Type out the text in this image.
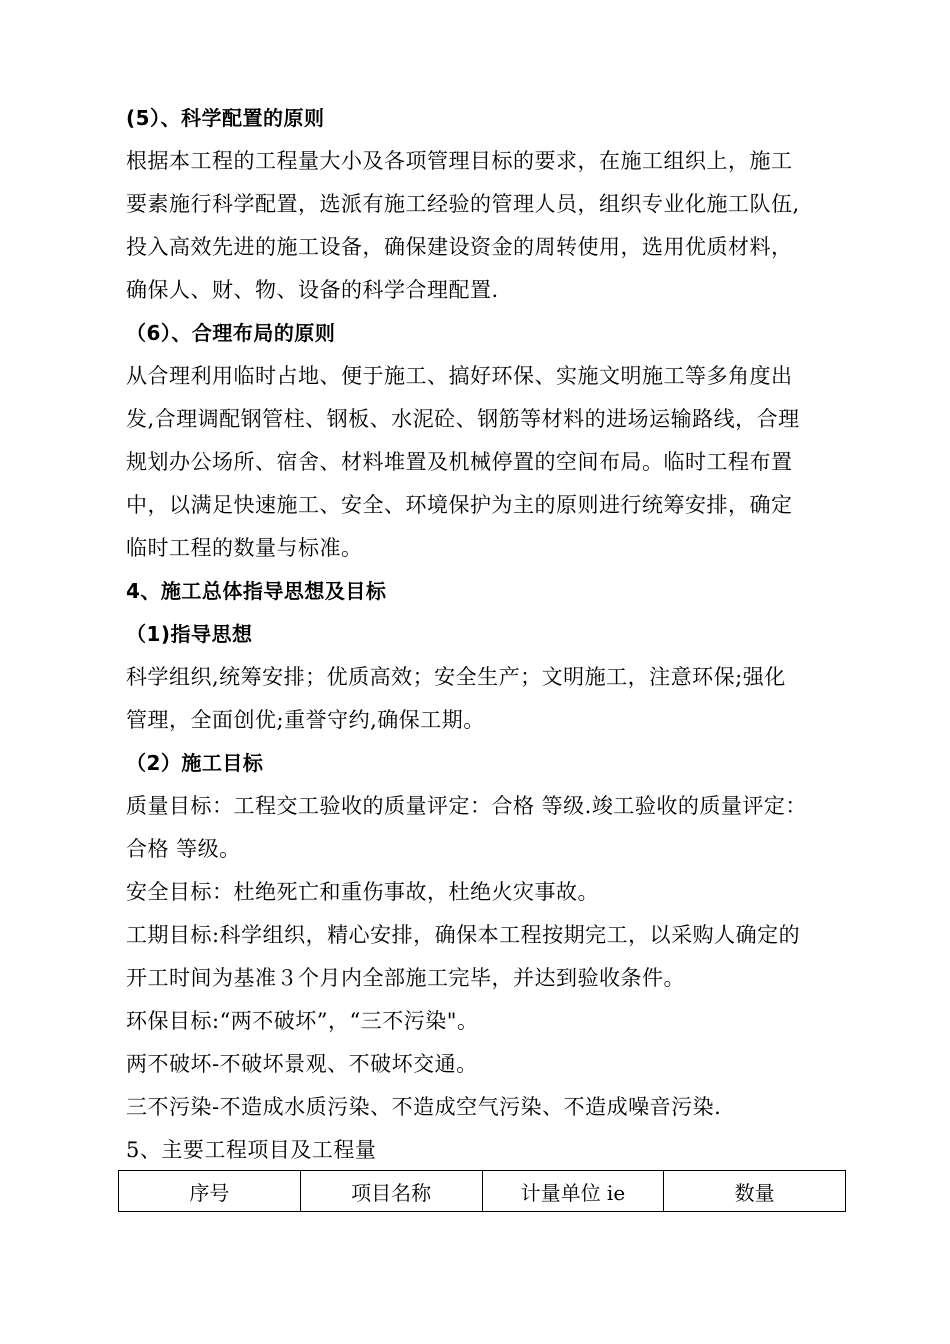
(5）、科学配置的原则
根据本工程的工程量大小及各项管理目标的要求，在施工组织上，施工
要素施行科学配置，选派有施工经验的管理人员，组织专业化施工队伍,
投入高效先进的施工设备，确保建设资金的周转使用，选用优质材料，
确保人、财、物、设备的科学合理配置.
（6）、合理布局的原则
从合理利用临时占地、便于施工、搞好环保、实施文明施工等多角度出
发,合理调配钢管柱、钢板、水泥砼、钢筋等材料的进场运输路线，合理
规划办公场所、宿舍、材料堆置及机械停置的空间布局。临时工程布置
中，以满足快速施工、安全、环境保护为主的原则进行统筹安排，确定
临时工程的数量与标准。
4、施工总体指导思想及目标
（1)指导思想
科学组织,统筹安排；优质高效；安全生产；文明施工，注意环保;强化
管理，全面创优;重誉守约,确保工期。
（2）施工目标
质量目标：工程交工验收的质量评定：合格 等级.竣工验收的质量评定：
合格 等级。
安全目标：杜绝死亡和重伤事故，杜绝火灾事故。
工期目标:科学组织，精心安排，确保本工程按期完工，以采购人确定的
开工时间为基准３个月内全部施工完毕，并达到验收条件。
环保目标:“两不破坏”，“三不污染"。
两不破坏-不破坏景观、不破坏交通。
三不污染-不造成水质污染、不造成空气污染、不造成噪音污染.
5、主要工程项目及工程量
序号	项目名称	计量单位 ie	数量
